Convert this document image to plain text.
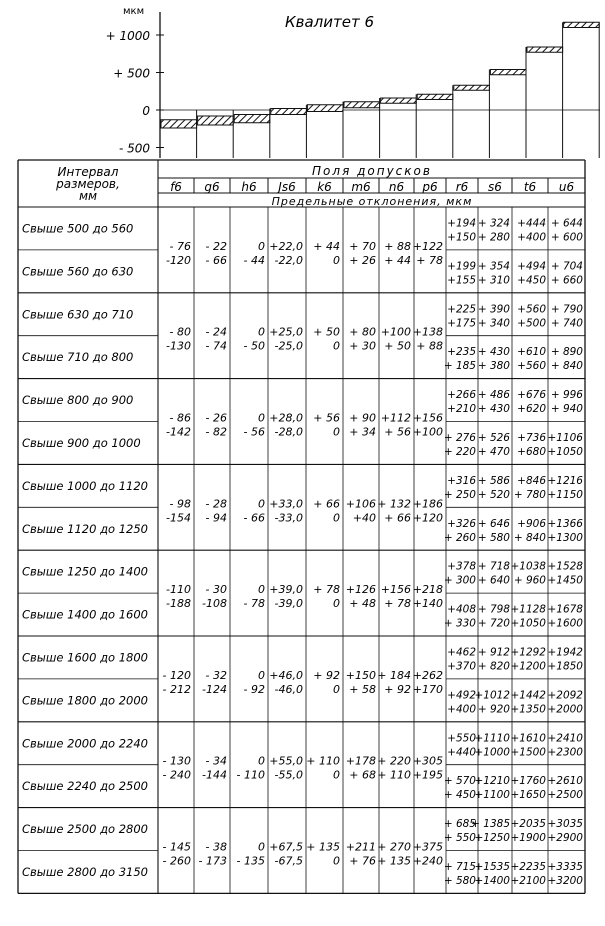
мкм
+ 1000
+ 500
0
- 500
Квалитет 6
Интервал
размеров,
мм
Поля допусков
Предельные отклонения, мкм
f6 g6 h6 Js6 k6 m6 n6 p6 r6 s6 t6 u6
Свыше 500 до 560
Свыше 560 до 630
- 76
-120
- 22
- 66
0
- 44
+22,0
-22,0
+ 44
0
+ 70
+ 26
+ 88
+ 44
+122
+ 78
+194
+150
+ 324
+ 280
+444
+400
+ 644
+ 600
+199
+155
+ 354
+ 310
+494
+450
+ 704
+ 660
Свыше 630 до 710
Свыше 710 до 800
- 80
-130
- 24
- 74
0
- 50
+25,0
-25,0
+ 50
0
+ 80
+ 30
+100
+ 50
+138
+ 88
+225
+175
+ 390
+ 340
+560
+500
+ 790
+ 740
+235
+ 185
+ 430
+ 380
+610
+560
+ 890
+ 840
Свыше 800 до 900
Свыше 900 до 1000
- 86
-142
- 26
- 82
0
- 56
+28,0
-28,0
+ 56
0
+ 90
+ 34
+112
+ 56
+156
+100
+266
+210
+ 486
+ 430
+676
+620
+ 996
+ 940
+ 276
+ 220
+ 526
+ 470
+736
+680
+1106
+1050
Свыше 1000 до 1120
Свыше 1120 до 1250
- 98
-154
- 28
- 94
0
- 66
+33,0
-33,0
+ 66
0
+106
+40
+ 132
+ 66
+186
+120
+316
+ 250
+ 586
+ 520
+846
+ 780
+1216
+1150
+326
+ 260
+ 646
+ 580
+906
+ 840
+1366
+1300
Свыше 1250 до 1400
Свыше 1400 до 1600
-110
-188
- 30
-108
0
- 78
+39,0
-39,0
+ 78
0
+126
+ 48
+156
+ 78
+218
+140
+378
+ 300
+ 718
+ 640
+1038
+ 960
+1528
+1450
+408
+ 330
+ 798
+ 720
+1128
+1050
+1678
+1600
Свыше 1600 до 1800
Свыше 1800 до 2000
- 120
- 212
- 32
-124
0
- 92
+46,0
-46,0
+ 92
0
+150
+ 58
+ 184
+ 92
+262
+170
+462
+370
+ 912
+ 820
+1292
+1200
+1942
+1850
+492
+400
+1012
+ 920
+1442
+1350
+2092
+2000
Свыше 2000 до 2240
Свыше 2240 до 2500
- 130
- 240
- 34
-144
0
- 110
+55,0
-55,0
+ 110
0
+178
+ 68
+ 220
+ 110
+305
+195
+550
+440
+1110
+1000
+1610
+1500
+2410
+2300
+ 570
+ 450
+1210
+1100
+1760
+1650
+2610
+2500
Свыше 2500 до 2800
Свыше 2800 до 3150
- 145
- 260
- 38
- 173
0
- 135
+67,5
-67,5
+ 135
0
+211
+ 76
+ 270
+ 135
+375
+240
+ 685
+ 550
+ 1385
+1250
+2035
+1900
+3035
+2900
+ 715
+ 580
+1535
+1400
+2235
+2100
+3335
+3200
